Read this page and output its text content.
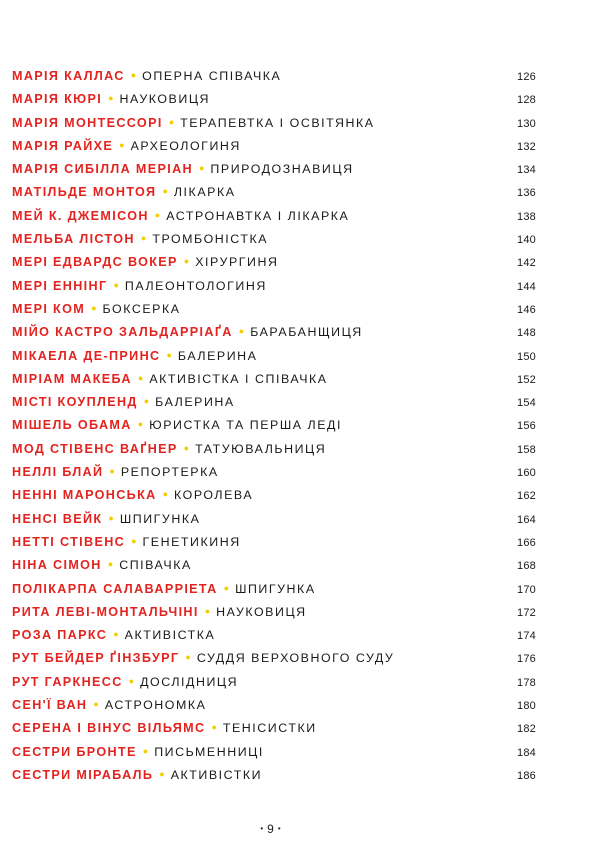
МАРІЯ КАЛЛАС ● ОПЕРНА СПІВАЧКА	126
МАРІЯ КЮРІ ● НАУКОВИЦЯ	128
МАРІЯ МОНТЕССОРІ ● ТЕРАПЕВТКА І ОСВІТЯНКА	130
МАРІЯ РАЙХЕ ● АРХЕОЛОГИНЯ	132
МАРІЯ СИБІЛЛА МЕРІАН ● ПРИРОДОЗНАВИЦЯ	134
МАТІЛЬДЕ МОНТОЯ ● ЛІКАРКА	136
МЕЙ К. ДЖЕМІСОН ● АСТРОНАВТКА І ЛІКАРКА	138
МЕЛЬБА ЛІСТОН ● ТРОМБОНІСТКА	140
МЕРІ ЕДВАРДС ВОКЕР ● ХІРУРГИНЯ	142
МЕРІ ЕННІНГ ● ПАЛЕОНТОЛОГИНЯ	144
МЕРІ КОМ ● БОКСЕРКА	146
МІЙО КАСТРО ЗАЛЬДАРРІАҐА ● БАРАБАНЩИЦЯ	148
МІКАЕЛА ДЕ-ПРИНС ● БАЛЕРИНА	150
МІРІАМ МАКЕБА ● АКТИВІСТКА І СПІВАЧКА	152
МІСТІ КОУПЛЕНД ● БАЛЕРИНА	154
МІШЕЛЬ ОБАМА ● ЮРИСТКА ТА ПЕРША ЛЕДІ	156
МОД СТІВЕНС ВАҐНЕР ● ТАТУЮВАЛЬНИЦЯ	158
НЕЛЛІ БЛАЙ ● РЕПОРТЕРКА	160
НЕННІ МАРОНСЬКА ● КОРОЛЕВА	162
НЕНСІ ВЕЙК ● ШПИГУНКА	164
НЕТТІ СТІВЕНС ● ГЕНЕТИКИНЯ	166
НІНА СІМОН ● СПІВАЧКА	168
ПОЛІКАРПА САЛАВАРРІЕТА ● ШПИГУНКА	170
РИТА ЛЕВІ-МОНТАЛЬЧІНІ ● НАУКОВИЦЯ	172
РОЗА ПАРКС ● АКТИВІСТКА	174
РУТ БЕЙДЕР ҐІНЗБУРГ ● СУДДЯ ВЕРХОВНОГО СУДУ	176
РУТ ГАРКНЕСС ● ДОСЛІДНИЦЯ	178
СЕН'Ї ВАН ● АСТРОНОМКА	180
СЕРЕНА І ВІНУС ВІЛЬЯМС ● ТЕНІСИСТКИ	182
СЕСТРИ БРОНТЕ ● ПИСЬМЕННИЦІ	184
СЕСТРИ МІРАБАЛЬ ● АКТИВІСТКИ	186
• 9 •
